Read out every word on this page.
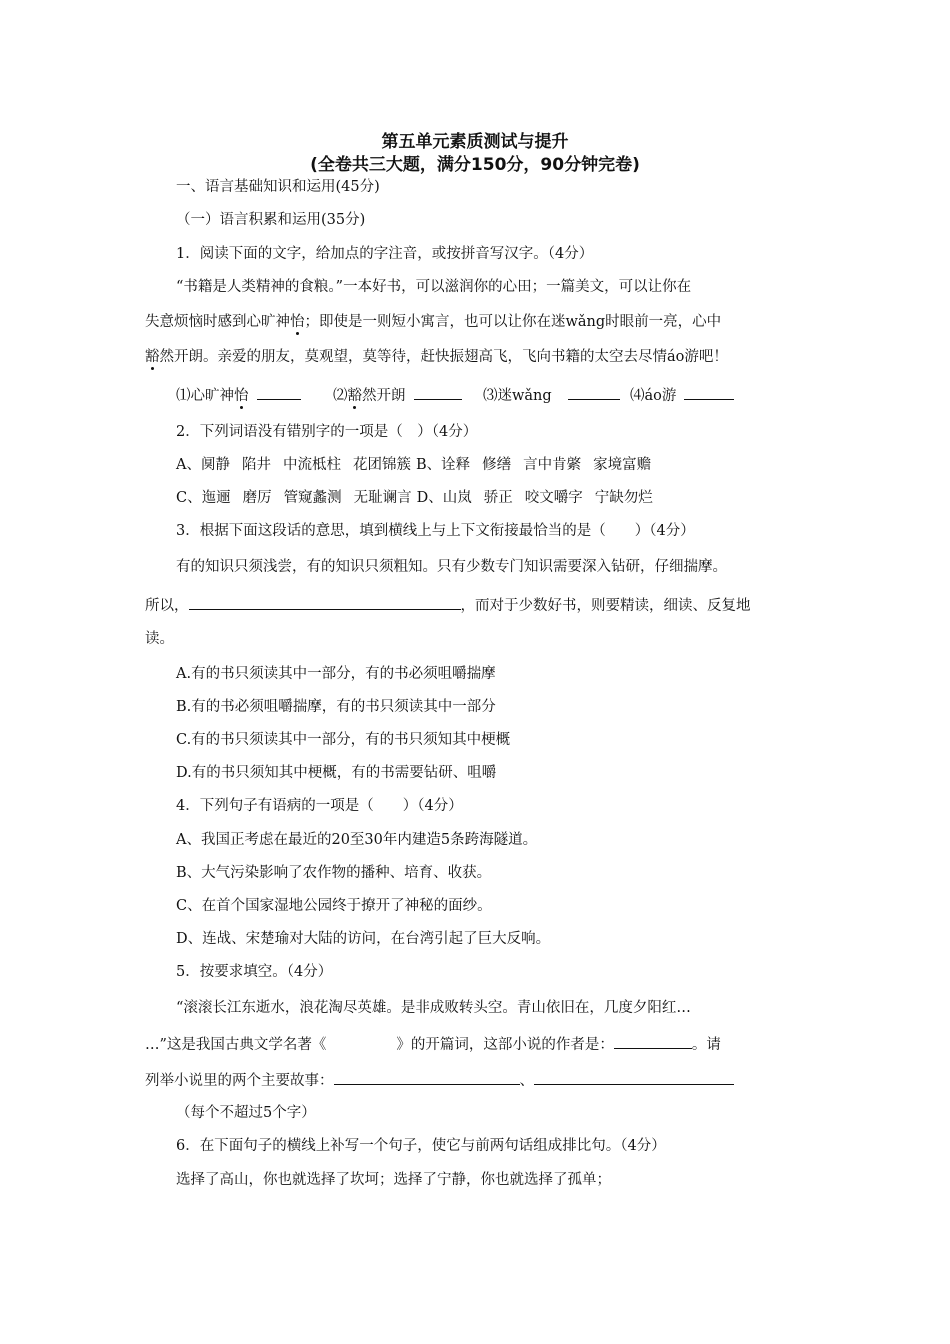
第五单元素质测试与提升
(全卷共三大题，满分150分，90分钟完卷)
一、语言基础知识和运用(45分)
（一）语言积累和运用(35分)
1．阅读下面的文字，给加点的字注音，或按拼音写汉字。（4分）
“书籍是人类精神的食粮。”一本好书，可以滋润你的心田；一篇美文，可以让你在
失意烦恼时感到心旷神怡；即使是一则短小寓言，也可以让你在迷wǎng时眼前一亮，心中
豁然开朗。亲爱的朋友，莫观望，莫等待，赶快振翅高飞，飞向书籍的太空去尽情áo游吧！
⑴心旷神怡	⑵豁然开朗	⑶迷wǎng	⑷áo游
2．下列词语没有错别字的一项是（　）（4分）
A、阒静 陷井 中流柢柱 花团锦簇 B、诠释 修缮 言中肯綮 家境富赡
C、迤逦 磨厉 管窥蠡测 无耻谰言 D、山岚 骄正 咬文嚼字 宁缺勿烂
3．根据下面这段话的意思，填到横线上与上下文衔接最恰当的是（　　）（4分）
有的知识只须浅尝，有的知识只须粗知。只有少数专门知识需要深入钻研，仔细揣摩。
所以，	，而对于少数好书，则要精读，细读、反复地
读。
A.有的书只须读其中一部分，有的书必须咀嚼揣摩
B.有的书必须咀嚼揣摩，有的书只须读其中一部分
C.有的书只须读其中一部分，有的书只须知其中梗概
D.有的书只须知其中梗概，有的书需要钻研、咀嚼
4．下列句子有语病的一项是（　　）（4分）
A、我国正考虑在最近的20至30年内建造5条跨海隧道。
B、大气污染影响了农作物的播种、培育、收获。
C、在首个国家湿地公园终于撩开了神秘的面纱。
D、连战、宋楚瑜对大陆的访问，在台湾引起了巨大反响。
5．按要求填空。（4分）
“滚滚长江东逝水，浪花淘尽英雄。是非成败转头空。青山依旧在，几度夕阳红…
…”这是我国古典文学名著《	》的开篇词，这部小说的作者是：	。请
列举小说里的两个主要故事：	、
（每个不超过5个字）
6．在下面句子的横线上补写一个句子，使它与前两句话组成排比句。（4分）
选择了高山，你也就选择了坎坷；选择了宁静，你也就选择了孤单；
